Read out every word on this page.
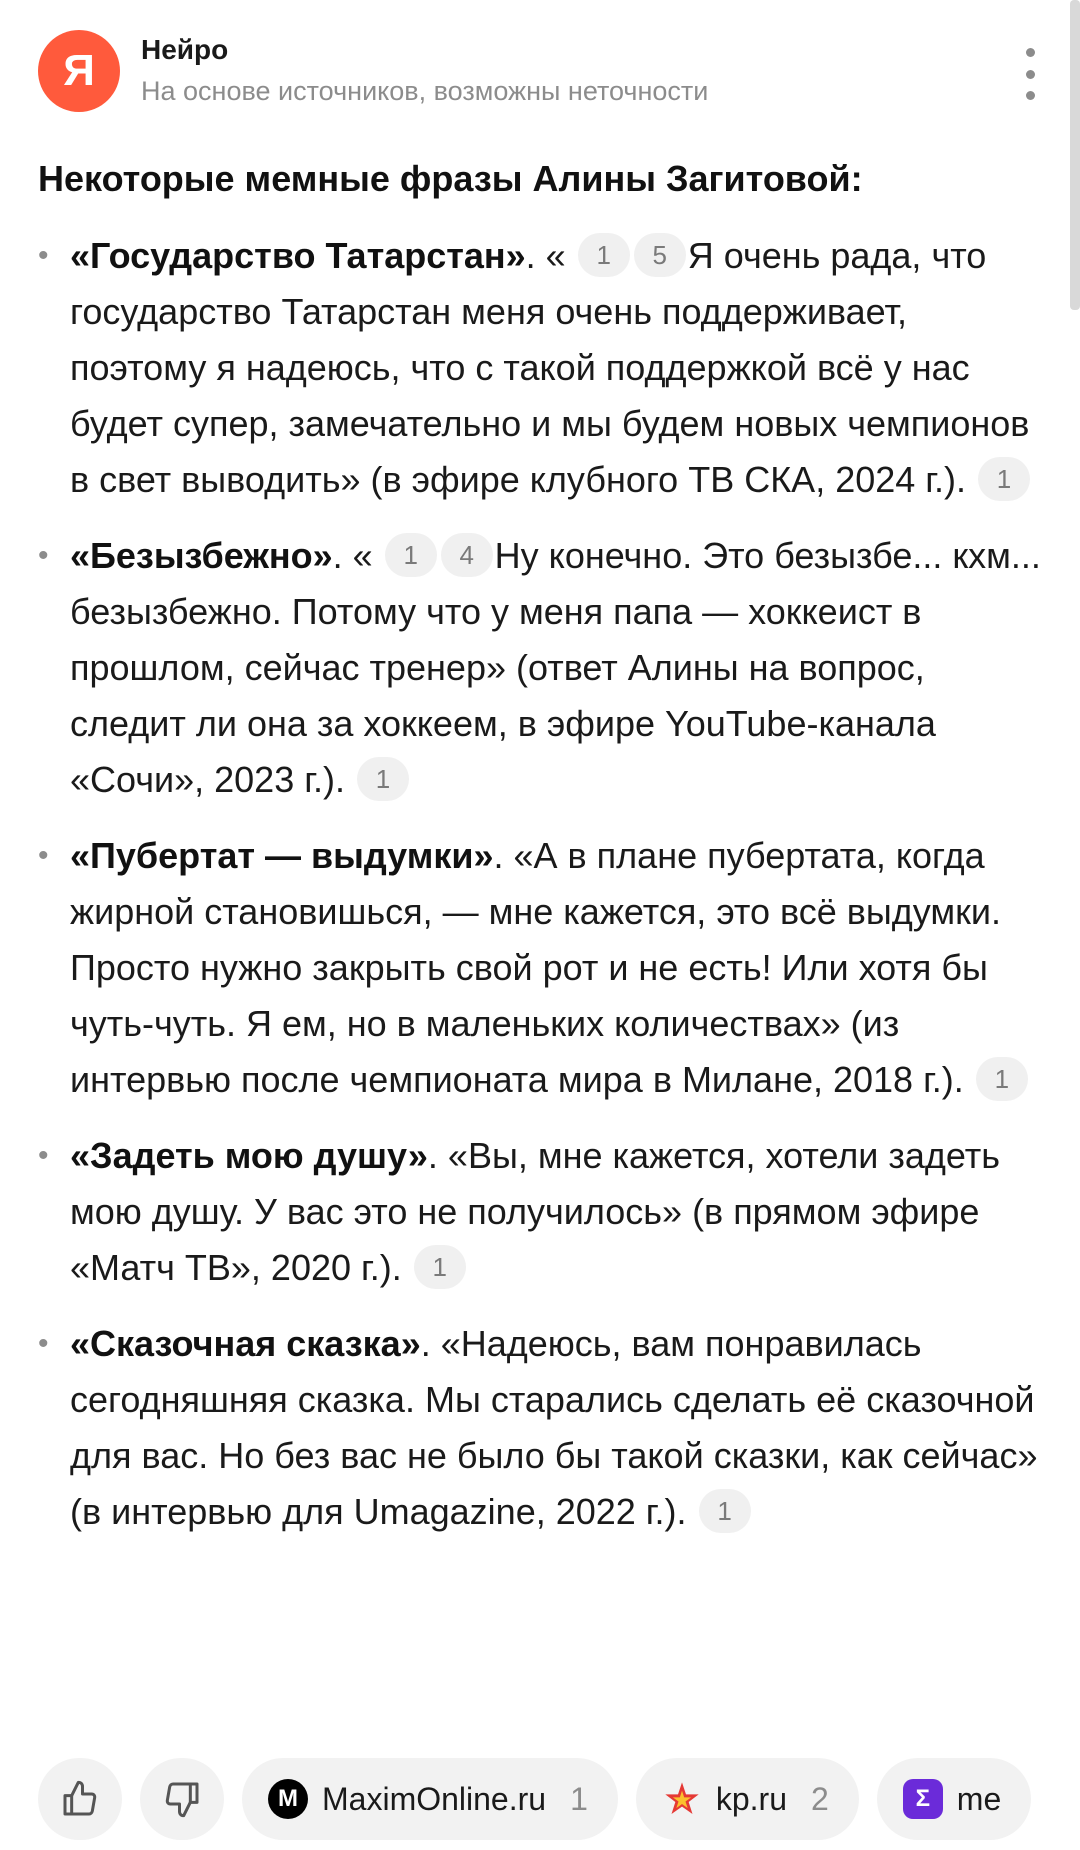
Я Нейро
На основе источников, возможны неточности
Некоторые мемные фразы Алины Загитовой:
• «Государство Татарстан». « 1 5 Я очень рада, что государство Татарстан меня очень поддерживает, поэтому я надеюсь, что с такой поддержкой всё у нас будет супер, замечательно и мы будем новых чемпионов в свет выводить» (в эфире клубного ТВ СКА, 2024 г.). 1
• «Безызбежно». « 1 4 Ну конечно. Это безызбе... кхм... безызбежно. Потому что у меня папа — хоккеист в прошлом, сейчас тренер» (ответ Алины на вопрос, следит ли она за хоккеем, в эфире YouTube-канала «Сочи», 2023 г.). 1
• «Пубертат — выдумки». «А в плане пубертата, когда жирной становишься, — мне кажется, это всё выдумки. Просто нужно закрыть свой рот и не есть! Или хотя бы чуть-чуть. Я ем, но в маленьких количествах» (из интервью после чемпионата мира в Милане, 2018 г.). 1
• «Задеть мою душу». «Вы, мне кажется, хотели задеть мою душу. У вас это не получилось» (в прямом эфире «Матч ТВ», 2020 г.). 1
• «Сказочная сказка». «Надеюсь, вам понравилась сегодняшняя сказка. Мы старались сделать её сказочной для вас. Но без вас не было бы такой сказки, как сейчас» (в интервью для Umagazine, 2022 г.). 1
M MaximOnline.ru 1	kp.ru 2	Σ me
